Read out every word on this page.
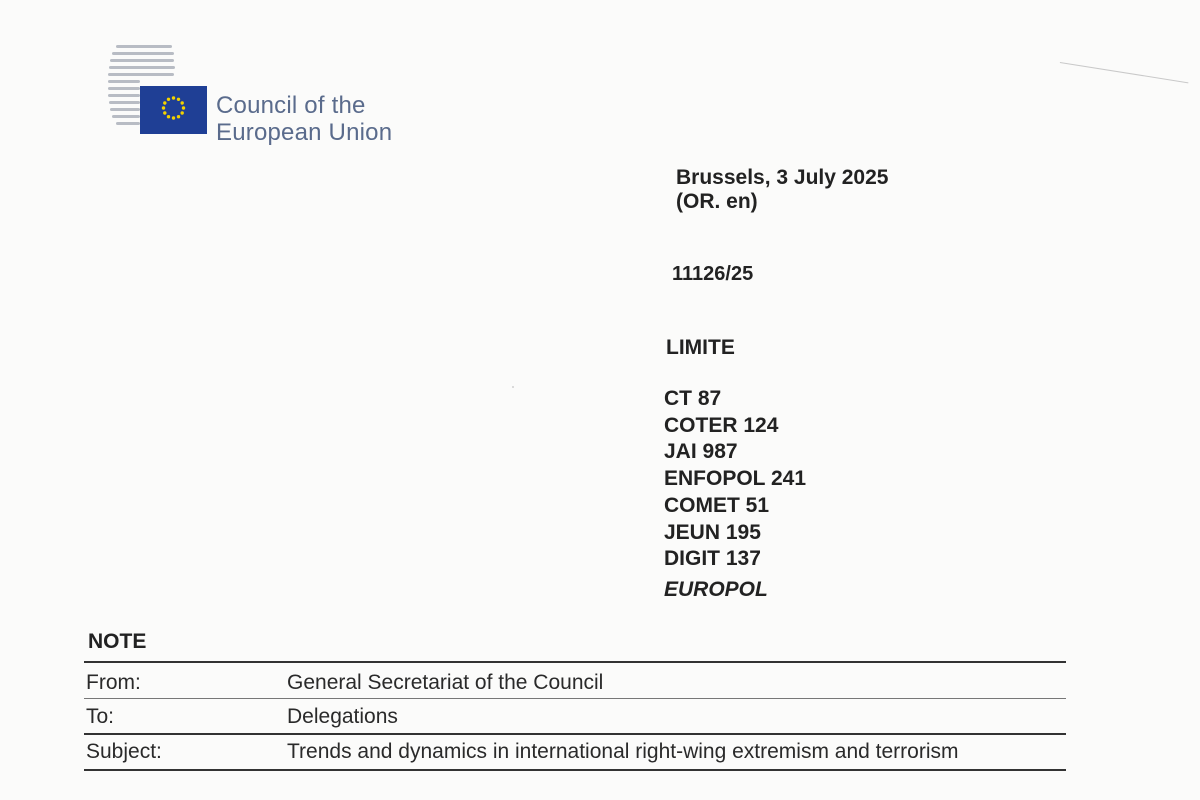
Council of the
European Union
Brussels, 3 July 2025
(OR. en)
11126/25
LIMITE
CT 87
COTER 124
JAI 987
ENFOPOL 241
COMET 51
JEUN 195
DIGIT 137
EUROPOL
NOTE
From:	General Secretariat of the Council
To:	Delegations
Subject:	Trends and dynamics in international right-wing extremism and terrorism
